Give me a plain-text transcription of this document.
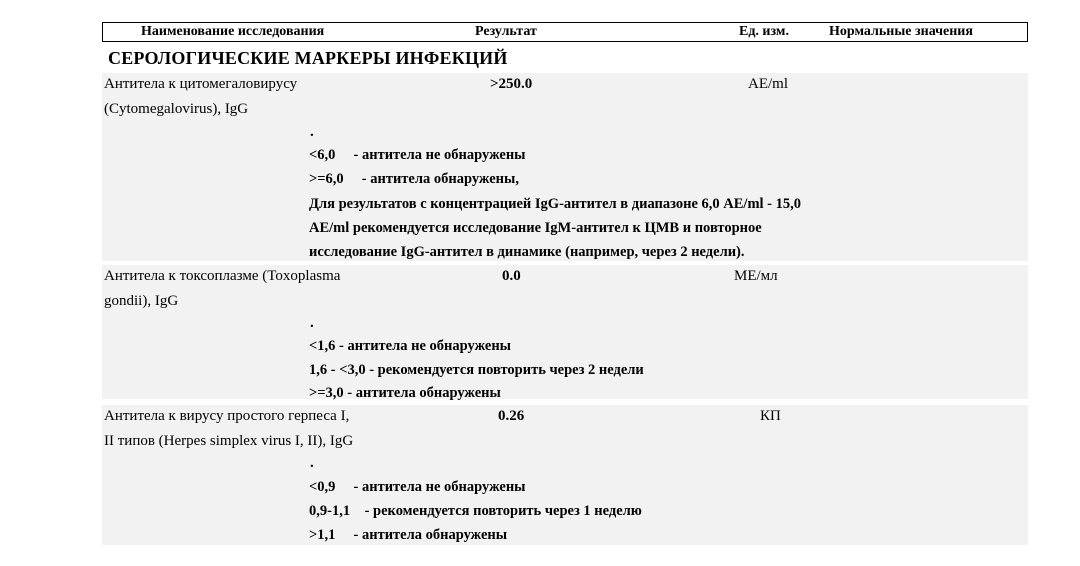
Наименование исследования	Результат	Ед. изм.	Нормальные значения
СЕРОЛОГИЧЕСКИЕ МАРКЕРЫ ИНФЕКЦИЙ
Антитела к цитомегаловирусу
(Cytomegalovirus), IgG
>250.0	AE/ml
.
<6,0     - антитела не обнаружены
>=6,0     - антитела обнаружены,
Для результатов с концентрацией IgG-антител в диапазоне 6,0 AE/ml - 15,0
AE/ml рекомендуется исследование IgM-антител к ЦМВ и повторное
исследование IgG-антител в динамике (например, через 2 недели).
Антитела к токсоплазме (Toxoplasma
gondii), IgG
0.0	МЕ/мл
.
<1,6 - антитела не обнаружены
1,6 - <3,0 - рекомендуется повторить через 2 недели
>=3,0 - антитела обнаружены
Антитела к вирусу простого герпеса I,
II типов (Herpes simplex virus I, II), IgG
0.26	КП
.
<0,9     - антитела не обнаружены
0,9-1,1    - рекомендуется повторить через 1 неделю
>1,1     - антитела обнаружены
